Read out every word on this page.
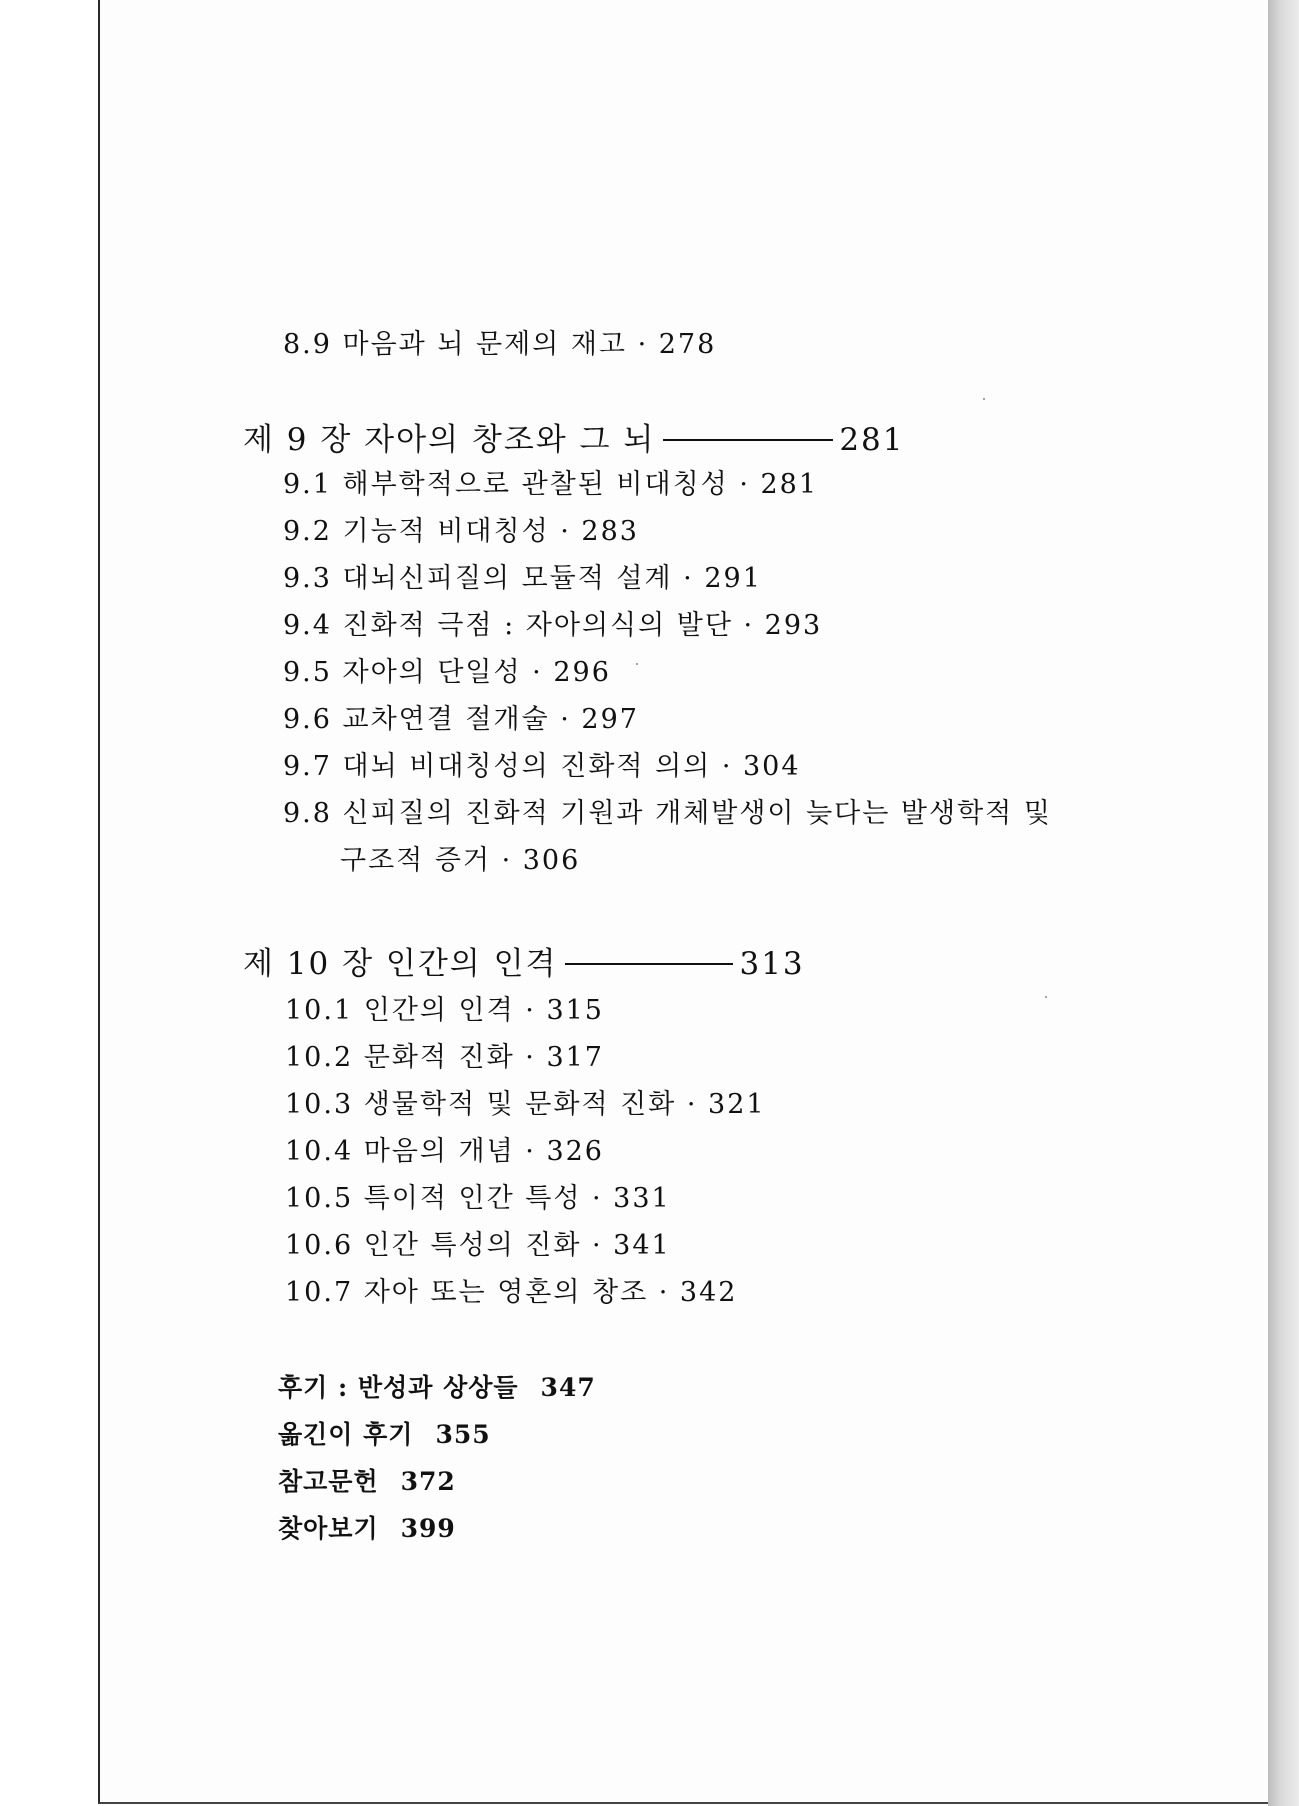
8.9 마음과 뇌 문제의 재고 · 278
제 9 장 자아의 창조와 그 뇌	281
9.1 해부학적으로 관찰된 비대칭성 · 281
9.2 기능적 비대칭성 · 283
9.3 대뇌신피질의 모듈적 설계 · 291
9.4 진화적 극점 : 자아의식의 발단 · 293
9.5 자아의 단일성 · 296
9.6 교차연결 절개술 · 297
9.7 대뇌 비대칭성의 진화적 의의 · 304
9.8 신피질의 진화적 기원과 개체발생이 늦다는 발생학적 및
구조적 증거 · 306
제 10 장 인간의 인격	313
10.1 인간의 인격 · 315
10.2 문화적 진화 · 317
10.3 생물학적 및 문화적 진화 · 321
10.4 마음의 개념 · 326
10.5 특이적 인간 특성 · 331
10.6 인간 특성의 진화 · 341
10.7 자아 또는 영혼의 창조 · 342
후기 : 반성과 상상들 347
옮긴이 후기 355
참고문헌 372
찾아보기 399
